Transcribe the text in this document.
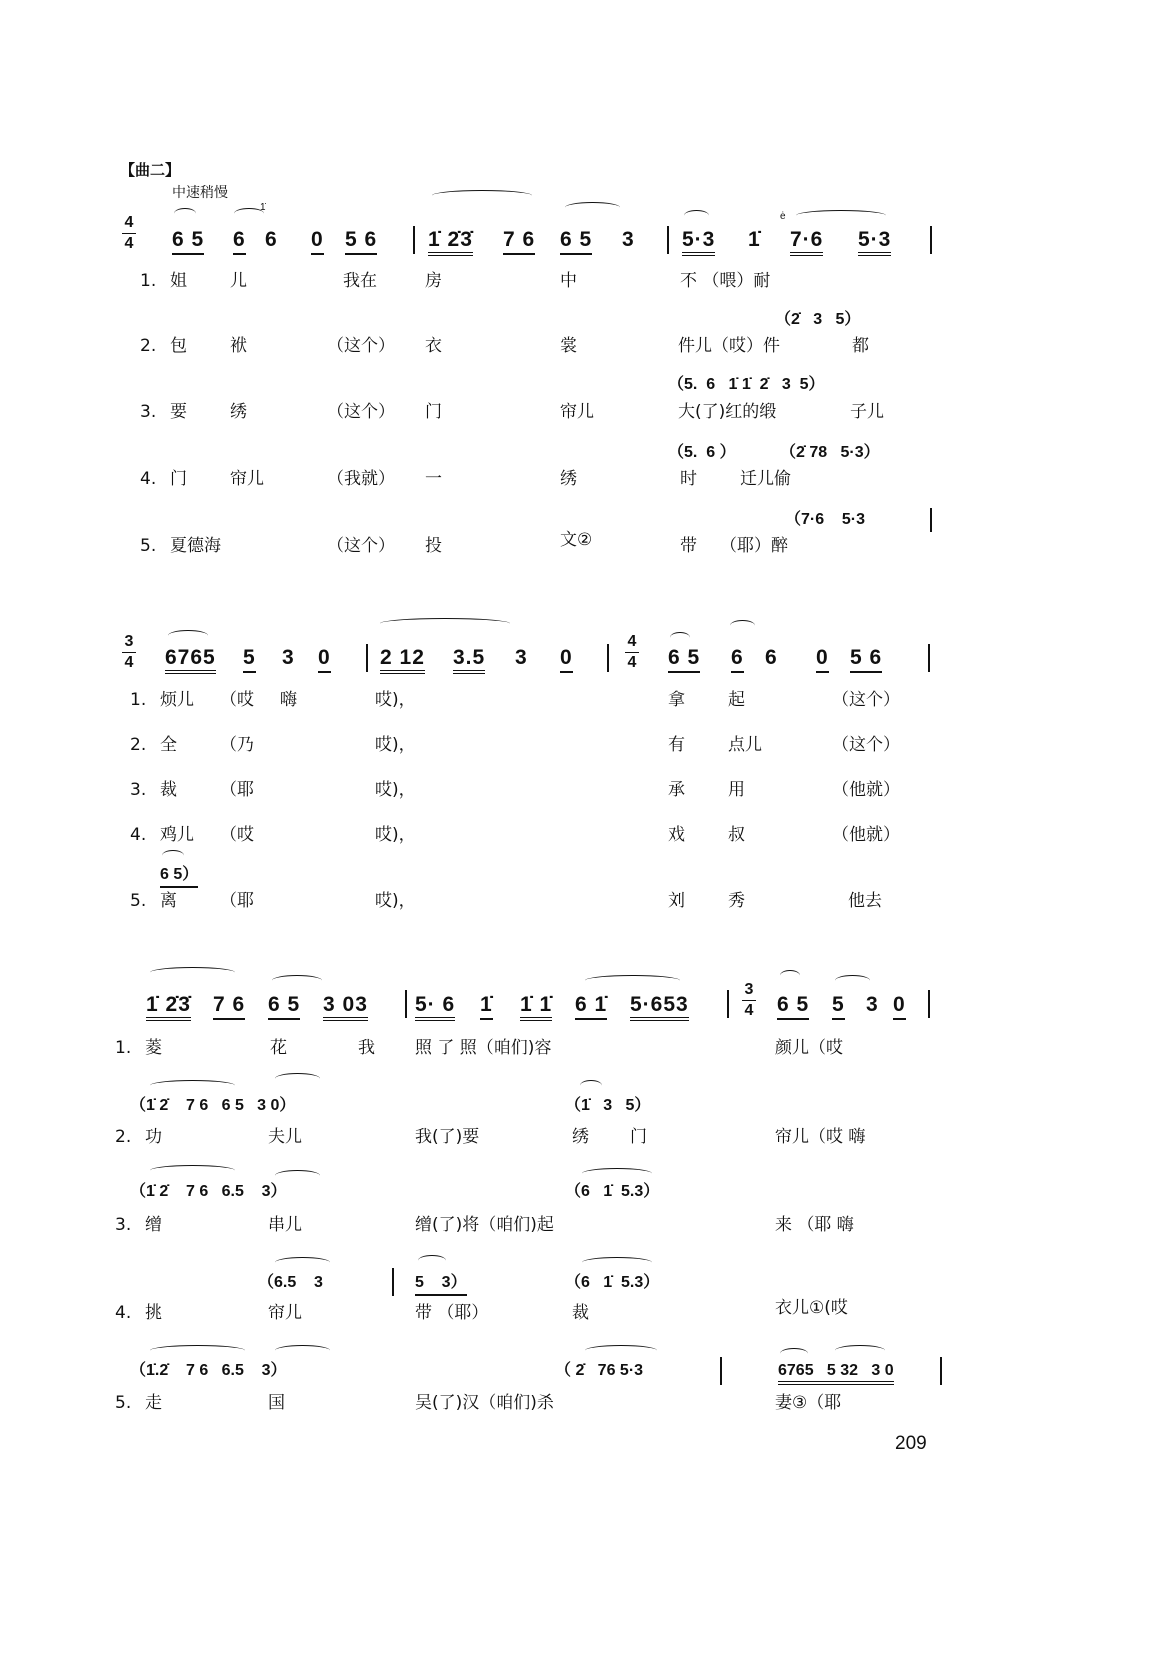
【曲二】
中速稍慢
4
4
1̇
ė
6 5 6 6 0 5 6 1̇ 2̇3̇ 7 6 6 5 3 5·3 1̇ 7·6 5·3
1. 姐	儿	我在	房	中	不 （喂）耐
（2̇   3   5）
2. 包	袱	（这个） 衣	裳	件儿（哎）件	都
（5.  6   1̇ 1̇  2̇   3  5）
3. 要	绣	（这个） 门	帘儿	大(了)红的缎	子儿
（5.  6 ）	（2̇ 78   5·3）
4. 门	帘儿	（我就） 一	绣	时	迁儿偷
（7·6    5·3
5. 夏德海	（这个） 投	文②	带 （耶）醉
3
4 6765 5 3 0 2 12 3.5 3 0
4
4 6 5 6 6 0 5 6
1. 烦儿 （哎 嗨	哎)，	拿	起	（这个）
2. 全	（乃	哎)，	有	点儿	（这个）
3. 裁	（耶	哎)，	承	用	（他就）
4. 鸡儿 （哎	哎)，	戏	叔	（他就）
6 5）
5. 离	（耶	哎)，	刘	秀	他去
1̇ 2̇3̇ 7 6 6 5 3 03 5· 6 1̇ 1̇ 1̇ 6 1̇ 5·653
3
4 6 5 5 3 0
1. 菱	花	我 照 了 照（咱们)容	颜儿（哎
（1̇ 2̇    7 6   6 5   3 0）	（1̇   3   5）
2. 功	夫儿	我(了)要	绣 门	帘儿（哎 嗨
（1̇ 2̇    7 6   6.5    3）	（6   1̇  5.3）
3. 缯	串儿	缯(了)将（咱们)起	来 （耶 嗨
（6.5    3	5    3）	（6   1̇  5.3）
4. 挑	帘儿	带 （耶）	裁	衣儿①(哎
（1̇.2̇    7 6   6.5    3）	（ 2̇   76 5·3	6765   5 32   3 0
5. 走	国	吴(了)汉（咱们)杀	妻③（耶
209
